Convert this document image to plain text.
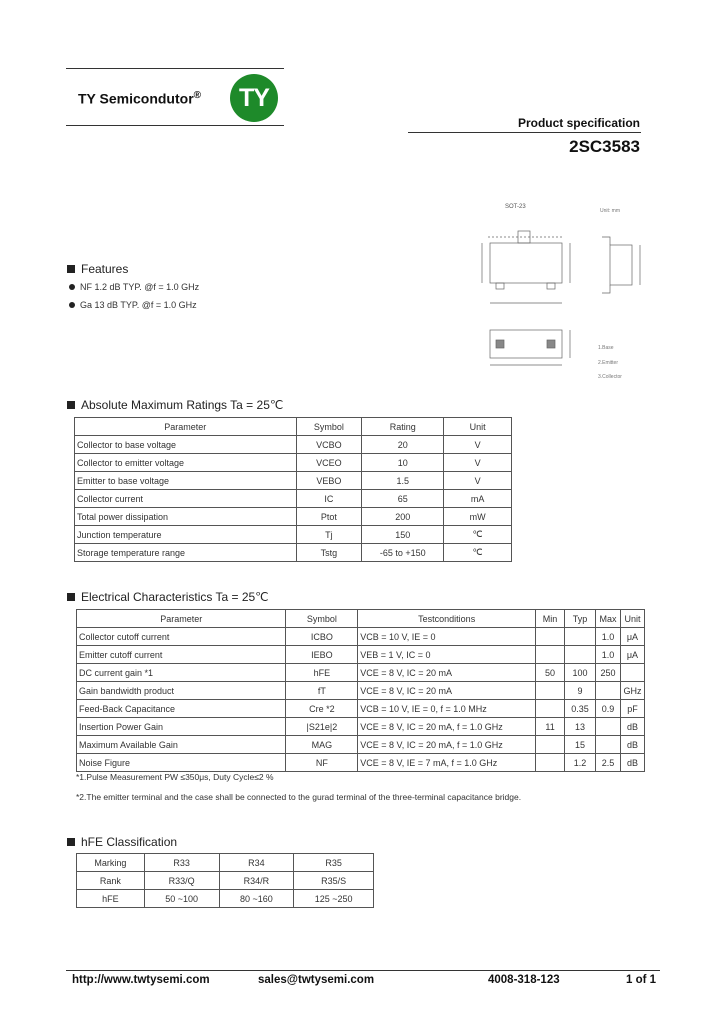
TY Semicondutor®	TY
Product specification
2SC3583
SOT-23
Unit: mm
1.Base
2.Emitter
3.Collector
Features
NF 1.2 dB TYP. @f = 1.0 GHz
Ga 13 dB TYP. @f = 1.0 GHz
Absolute Maximum Ratings Ta = 25℃
Parameter	Symbol	Rating	Unit
Collector to base voltage	VCBO	20	V
Collector to emitter voltage	VCEO	10	V
Emitter to base voltage	VEBO	1.5	V
Collector current	IC	65	mA
Total power dissipation	Ptot	200	mW
Junction temperature	Tj	150	℃
Storage temperature range	Tstg	-65 to +150	℃
Electrical Characteristics Ta = 25℃
Parameter	Symbol	Testconditions	Min	Typ	Max	Unit
Collector cutoff current	ICBO	VCB = 10 V, IE = 0			1.0	μA
Emitter cutoff current	IEBO	VEB = 1 V, IC = 0			1.0	μA
DC current gain *1	hFE	VCE = 8 V, IC = 20 mA	50	100	250	
Gain bandwidth product	fT	VCE = 8 V, IC = 20 mA		9		GHz
Feed-Back Capacitance	Cre *2	VCB = 10 V, IE = 0, f = 1.0 MHz		0.35	0.9	pF
Insertion Power Gain	|S21e|2	VCE = 8 V, IC = 20 mA, f = 1.0 GHz	11	13		dB
Maximum Available Gain	MAG	VCE = 8 V, IC = 20 mA, f = 1.0 GHz		15		dB
Noise Figure	NF	VCE = 8 V, IE = 7 mA, f = 1.0 GHz		1.2	2.5	dB
*1.Pulse Measurement PW ≤350μs, Duty Cycle≤2 %
*2.The emitter terminal and the case shall be connected to the gurad terminal of the three-terminal capacitance bridge.
hFE Classification
Marking	R33	R34	R35
Rank	R33/Q	R34/R	R35/S
hFE	50 ~100	80 ~160	125 ~250
http://www.twtysemi.com	sales@twtysemi.com	4008-318-123	1 of 1
